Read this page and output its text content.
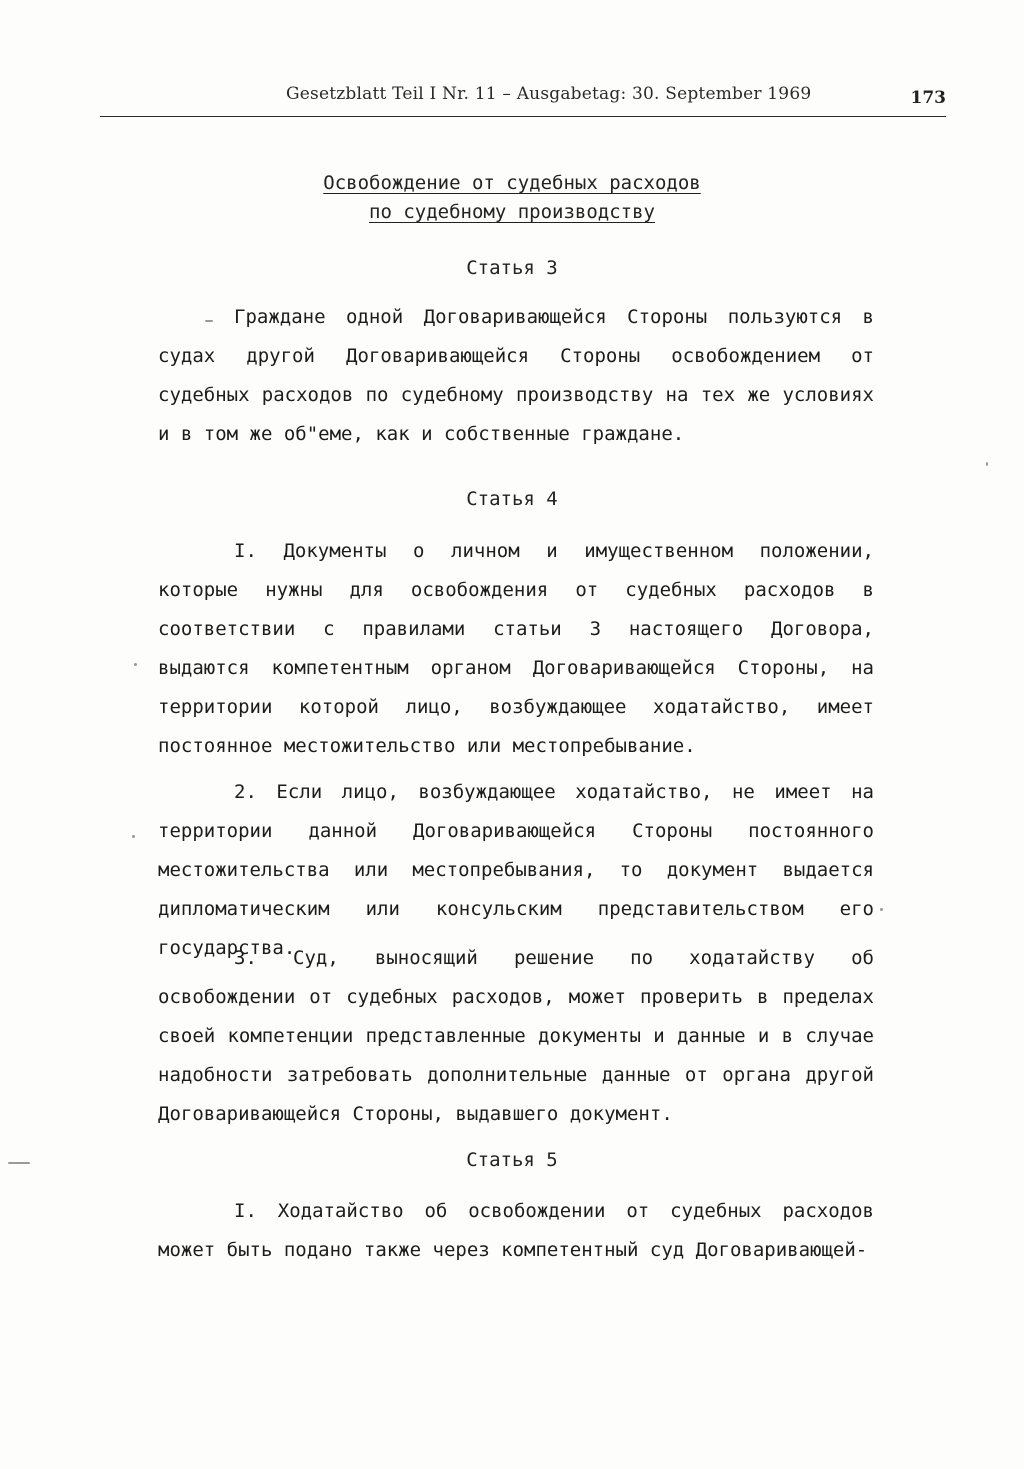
Gesetzblatt Teil I Nr. 11 – Ausgabetag: 30. September 1969	173

Освобождение от судебных расходов

по судебному производству

Статья 3

Граждане одной Договаривающейся Стороны пользуются в судах другой Договаривающейся Стороны освобождением от судебных расходов по судебному производству на тех же условиях и в том же об"еме, как и собственные граждане.

Статья 4

I. Документы о личном и имущественном положении, которые нужны для освобождения от судебных расходов в соответствии с правилами статьи 3 настоящего Договора, выдаются компетентным органом Договаривающейся Стороны, на территории которой лицо, возбуждающее ходатайство, имеет постоянное местожительство или местопребывание.

2. Если лицо, возбуждающее ходатайство, не имеет на территории данной Договаривающейся Стороны постоянного местожительства или местопребывания, то документ выдается дипломатическим или консульским представительством его государства.

3. Суд, выносящий решение по ходатайству об освобождении от судебных расходов, может проверить в пределах своей компетенции представленные документы и данные и в случае надобности затребовать дополнительные данные от органа другой Договаривающейся Стороны, выдавшего документ.

Статья 5

I. Ходатайство об освобождении от судебных расходов может быть подано также через компетентный суд Договаривающей-
